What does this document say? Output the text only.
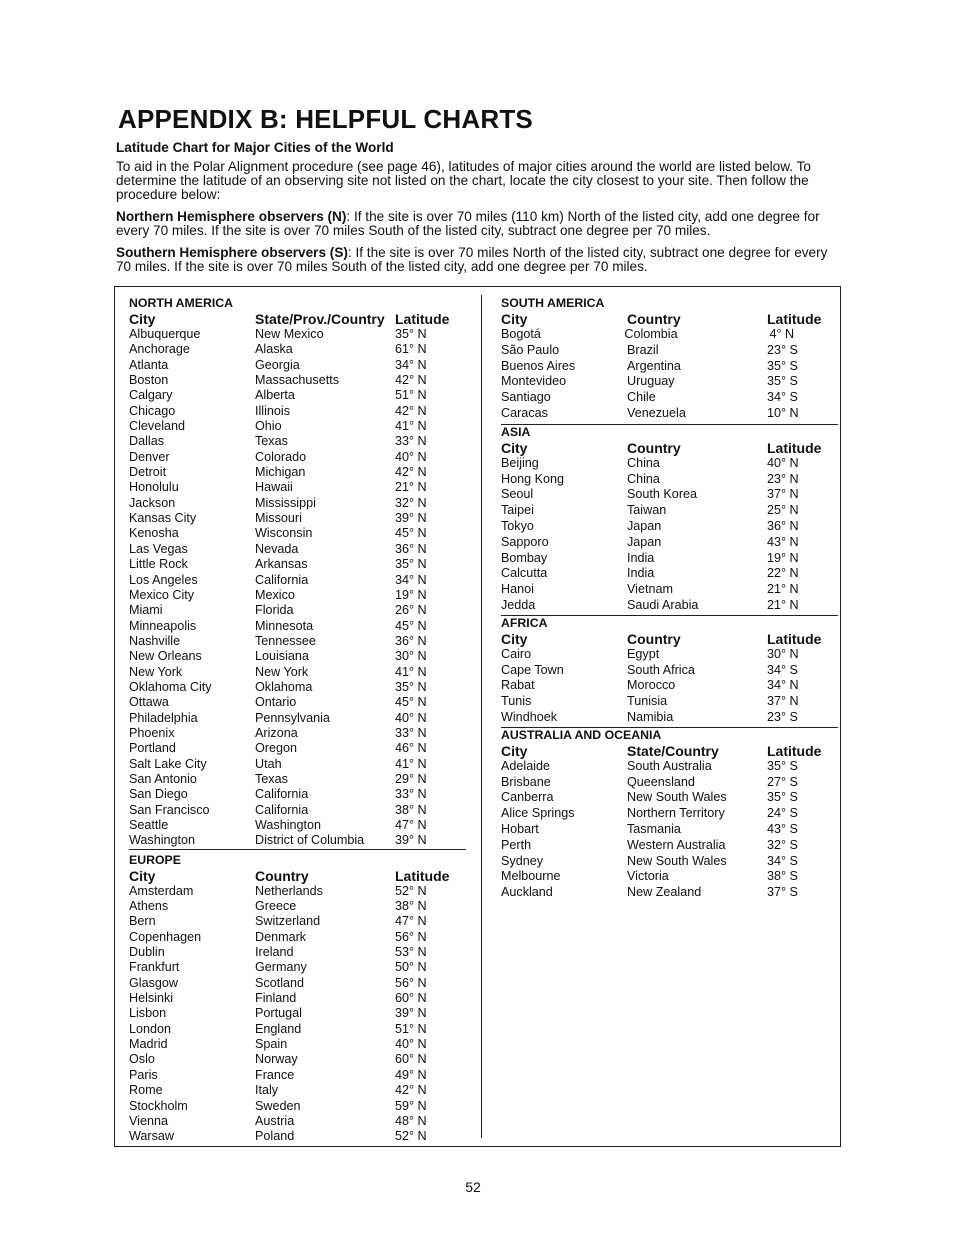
APPENDIX B: HELPFUL CHARTS
Latitude Chart for Major Cities of the World

To aid in the Polar Alignment procedure (see page 46), latitudes of major cities around the world are listed below. To determine the latitude of an observing site not listed on the chart, locate the city closest to your site. Then follow the procedure below:

Northern Hemisphere observers (N): If the site is over 70 miles (110 km) North of the listed city, add one degree for every 70 miles. If the site is over 70 miles South of the listed city, subtract one degree per 70 miles.

Southern Hemisphere observers (S): If the site is over 70 miles North of the listed city, subtract one degree for every 70 miles. If the site is over 70 miles South of the listed city, add one degree per 70 miles.

NORTH AMERICA
City	State/Prov./Country Latitude
Albuquerque	New Mexico	35° N
Anchorage	Alaska	61° N
Atlanta	Georgia	34° N
Boston	Massachusetts	42° N
Calgary	Alberta	51° N
Chicago	Illinois	42° N
Cleveland	Ohio	41° N
Dallas	Texas	33° N
Denver	Colorado	40° N
Detroit	Michigan	42° N
Honolulu	Hawaii	21° N
Jackson	Mississippi	32° N
Kansas City	Missouri	39° N
Kenosha	Wisconsin	45° N
Las Vegas	Nevada	36° N
Little Rock	Arkansas	35° N
Los Angeles	California	34° N
Mexico City	Mexico	19° N
Miami	Florida	26° N
Minneapolis	Minnesota	45° N
Nashville	Tennessee	36° N
New Orleans	Louisiana	30° N
New York	New York	41° N
Oklahoma City	Oklahoma	35° N
Ottawa	Ontario	45° N
Philadelphia	Pennsylvania	40° N
Phoenix	Arizona	33° N
Portland	Oregon	46° N
Salt Lake City	Utah	41° N
San Antonio	Texas	29° N
San Diego	California	33° N
San Francisco	California	38° N
Seattle	Washington	47° N
Washington	District of Columbia	39° N
EUROPE
City	Country	Latitude
Amsterdam	Netherlands	52° N
Athens	Greece	38° N
Bern	Switzerland	47° N
Copenhagen	Denmark	56° N
Dublin	Ireland	53° N
Frankfurt	Germany	50° N
Glasgow	Scotland	56° N
Helsinki	Finland	60° N
Lisbon	Portugal	39° N
London	England	51° N
Madrid	Spain	40° N
Oslo	Norway	60° N
Paris	France	49° N
Rome	Italy	42° N
Stockholm	Sweden	59° N
Vienna	Austria	48° N
Warsaw	Poland	52° N
SOUTH AMERICA
City	Country	Latitude
Bogotá	Colombia	4° N
São Paulo	Brazil	23° S
Buenos Aires	Argentina	35° S
Montevideo	Uruguay	35° S
Santiago	Chile	34° S
Caracas	Venezuela	10° N
ASIA
City	Country	Latitude
Beijing	China	40° N
Hong Kong	China	23° N
Seoul	South Korea	37° N
Taipei	Taiwan	25° N
Tokyo	Japan	36° N
Sapporo	Japan	43° N
Bombay	India	19° N
Calcutta	India	22° N
Hanoi	Vietnam	21° N
Jedda	Saudi Arabia	21° N
AFRICA
City	Country	Latitude
Cairo	Egypt	30° N
Cape Town	South Africa	34° S
Rabat	Morocco	34° N
Tunis	Tunisia	37° N
Windhoek	Namibia	23° S
AUSTRALIA AND OCEANIA
City	State/Country	Latitude
Adelaide	South Australia	35° S
Brisbane	Queensland	27° S
Canberra	New South Wales	35° S
Alice Springs	Northern Territory	24° S
Hobart	Tasmania	43° S
Perth	Western Australia	32° S
Sydney	New South Wales	34° S
Melbourne	Victoria	38° S
Auckland	New Zealand	37° S
52
